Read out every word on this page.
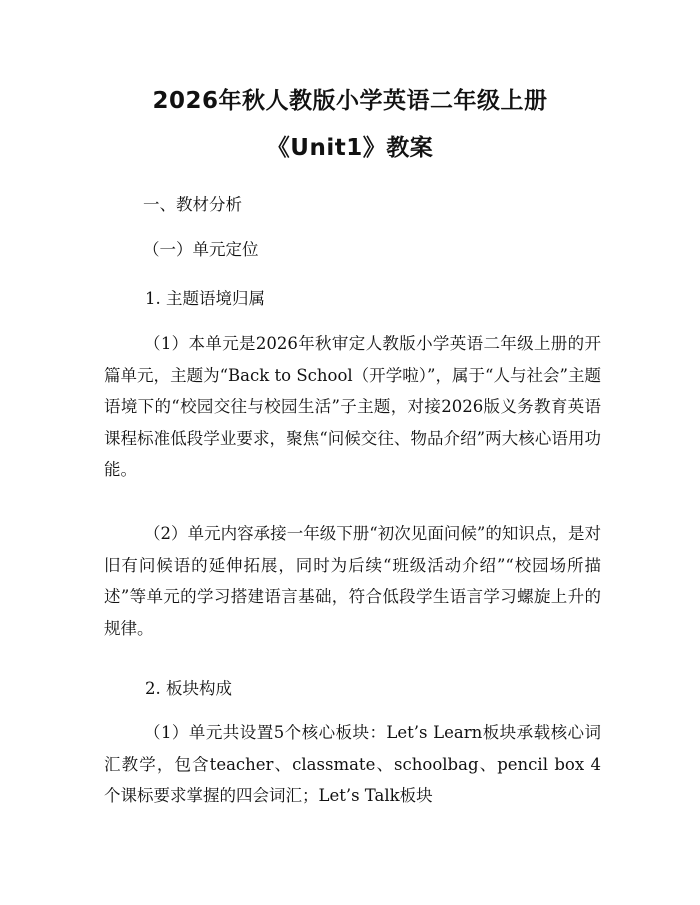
2026年秋人教版小学英语二年级上册
《Unit1》教案
一、教材分析
（一）单元定位
1. 主题语境归属
（1）本单元是2026年秋审定人教版小学英语二年级上册的开篇单元，主题为“Back to School（开学啦）”，属于“人与社会”主题语境下的“校园交往与校园生活”子主题，对接2026版义务教育英语课程标准低段学业要求，聚焦“问候交往、物品介绍”两大核心语用功能。
（2）单元内容承接一年级下册“初次见面问候”的知识点，是对旧有问候语的延伸拓展，同时为后续“班级活动介绍”“校园场所描述”等单元的学习搭建语言基础，符合低段学生语言学习螺旋上升的规律。
2. 板块构成
（1）单元共设置5个核心板块：Let’s Learn板块承载核心词汇教学，包含teacher、classmate、schoolbag、pencil box 4个课标要求掌握的四会词汇；Let’s Talk板块
